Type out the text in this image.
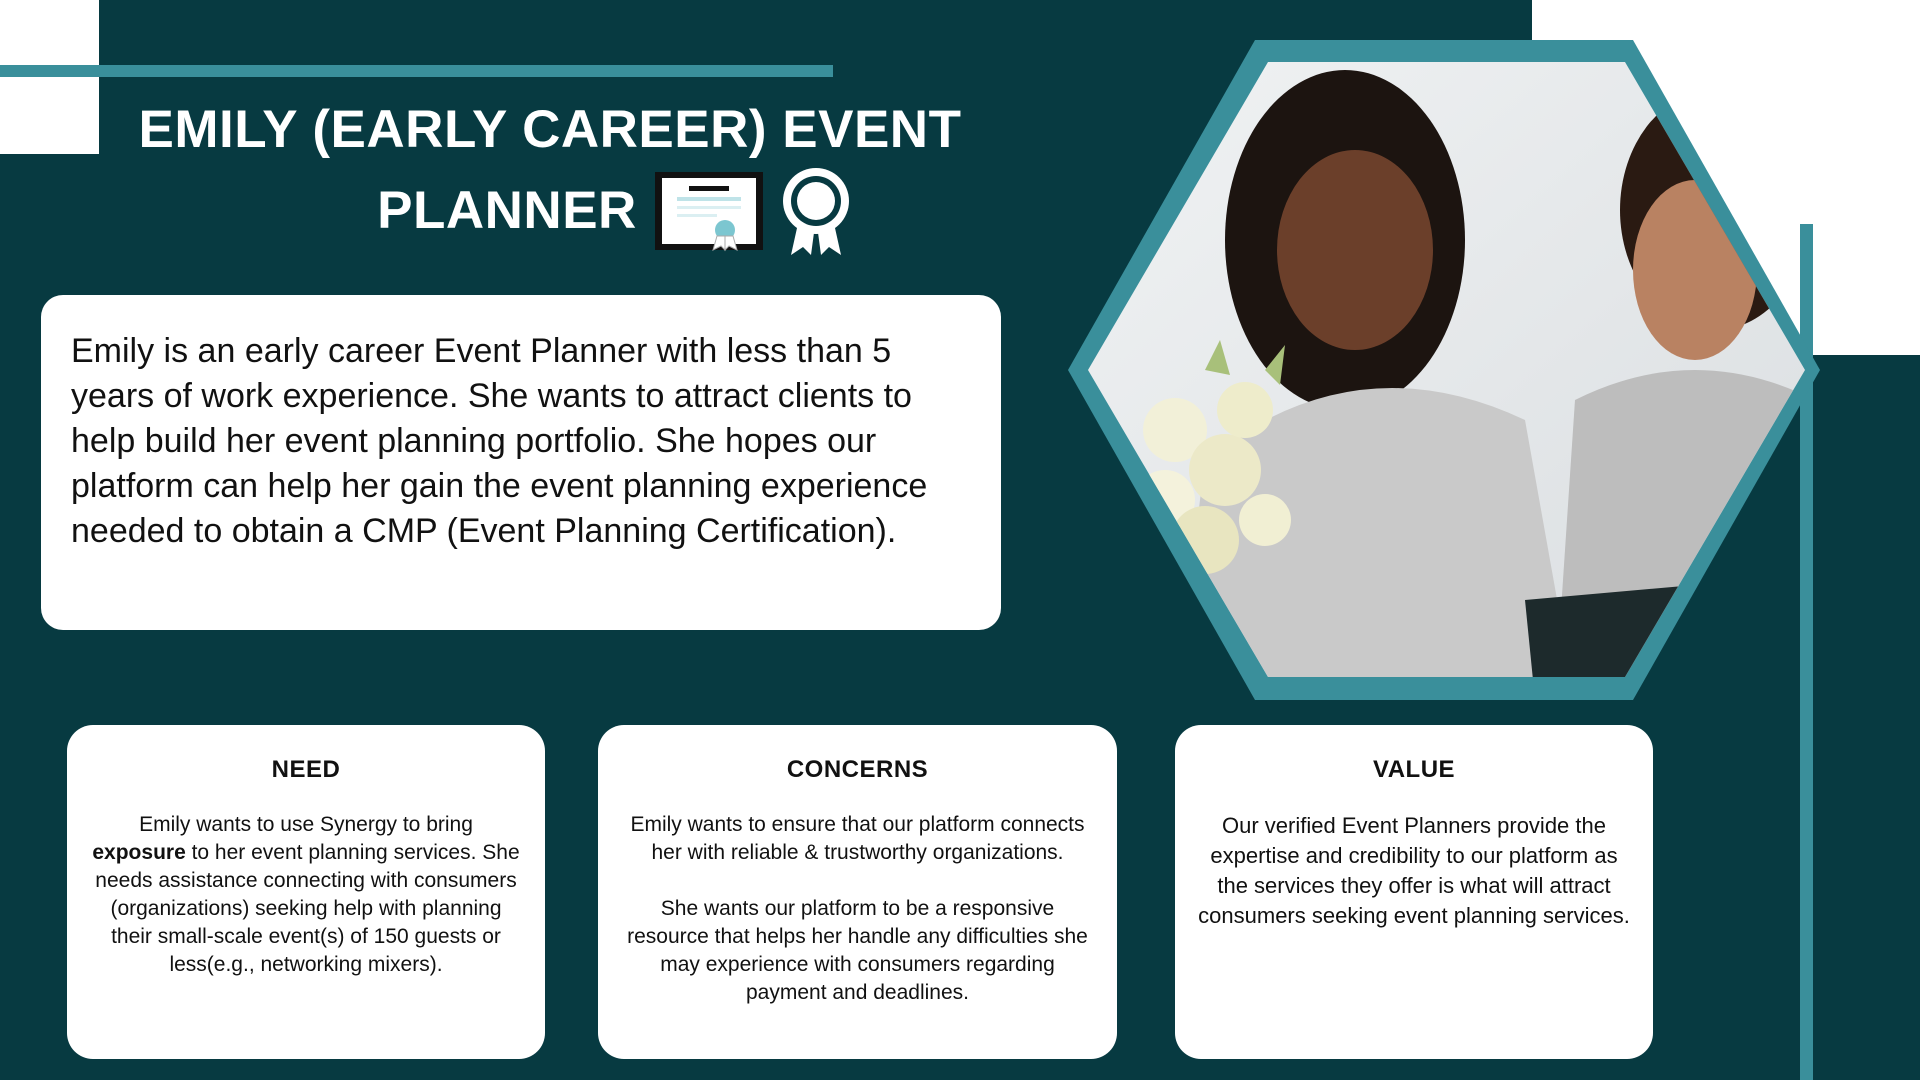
EMILY (EARLY CAREER) EVENT
PLANNER
Emily is an early career Event Planner with less than 5 years of work experience. She wants to attract clients to help build her event planning portfolio. She hopes our platform can help her gain the event planning experience needed to obtain a CMP (Event Planning Certification).
NEED

Emily wants to use Synergy to bring
exposure to her event planning services. She needs assistance connecting with consumers (organizations) seeking help with planning their small-scale event(s) of 150 guests or less(e.g., networking mixers).

CONCERNS

Emily wants to ensure that our platform connects her with reliable & trustworthy organizations.

She wants our platform to be a responsive resource that helps her handle any difficulties she may experience with consumers regarding payment and deadlines.

VALUE

Our verified Event Planners provide the expertise and credibility to our platform as the services they offer is what will attract consumers seeking event planning services.
